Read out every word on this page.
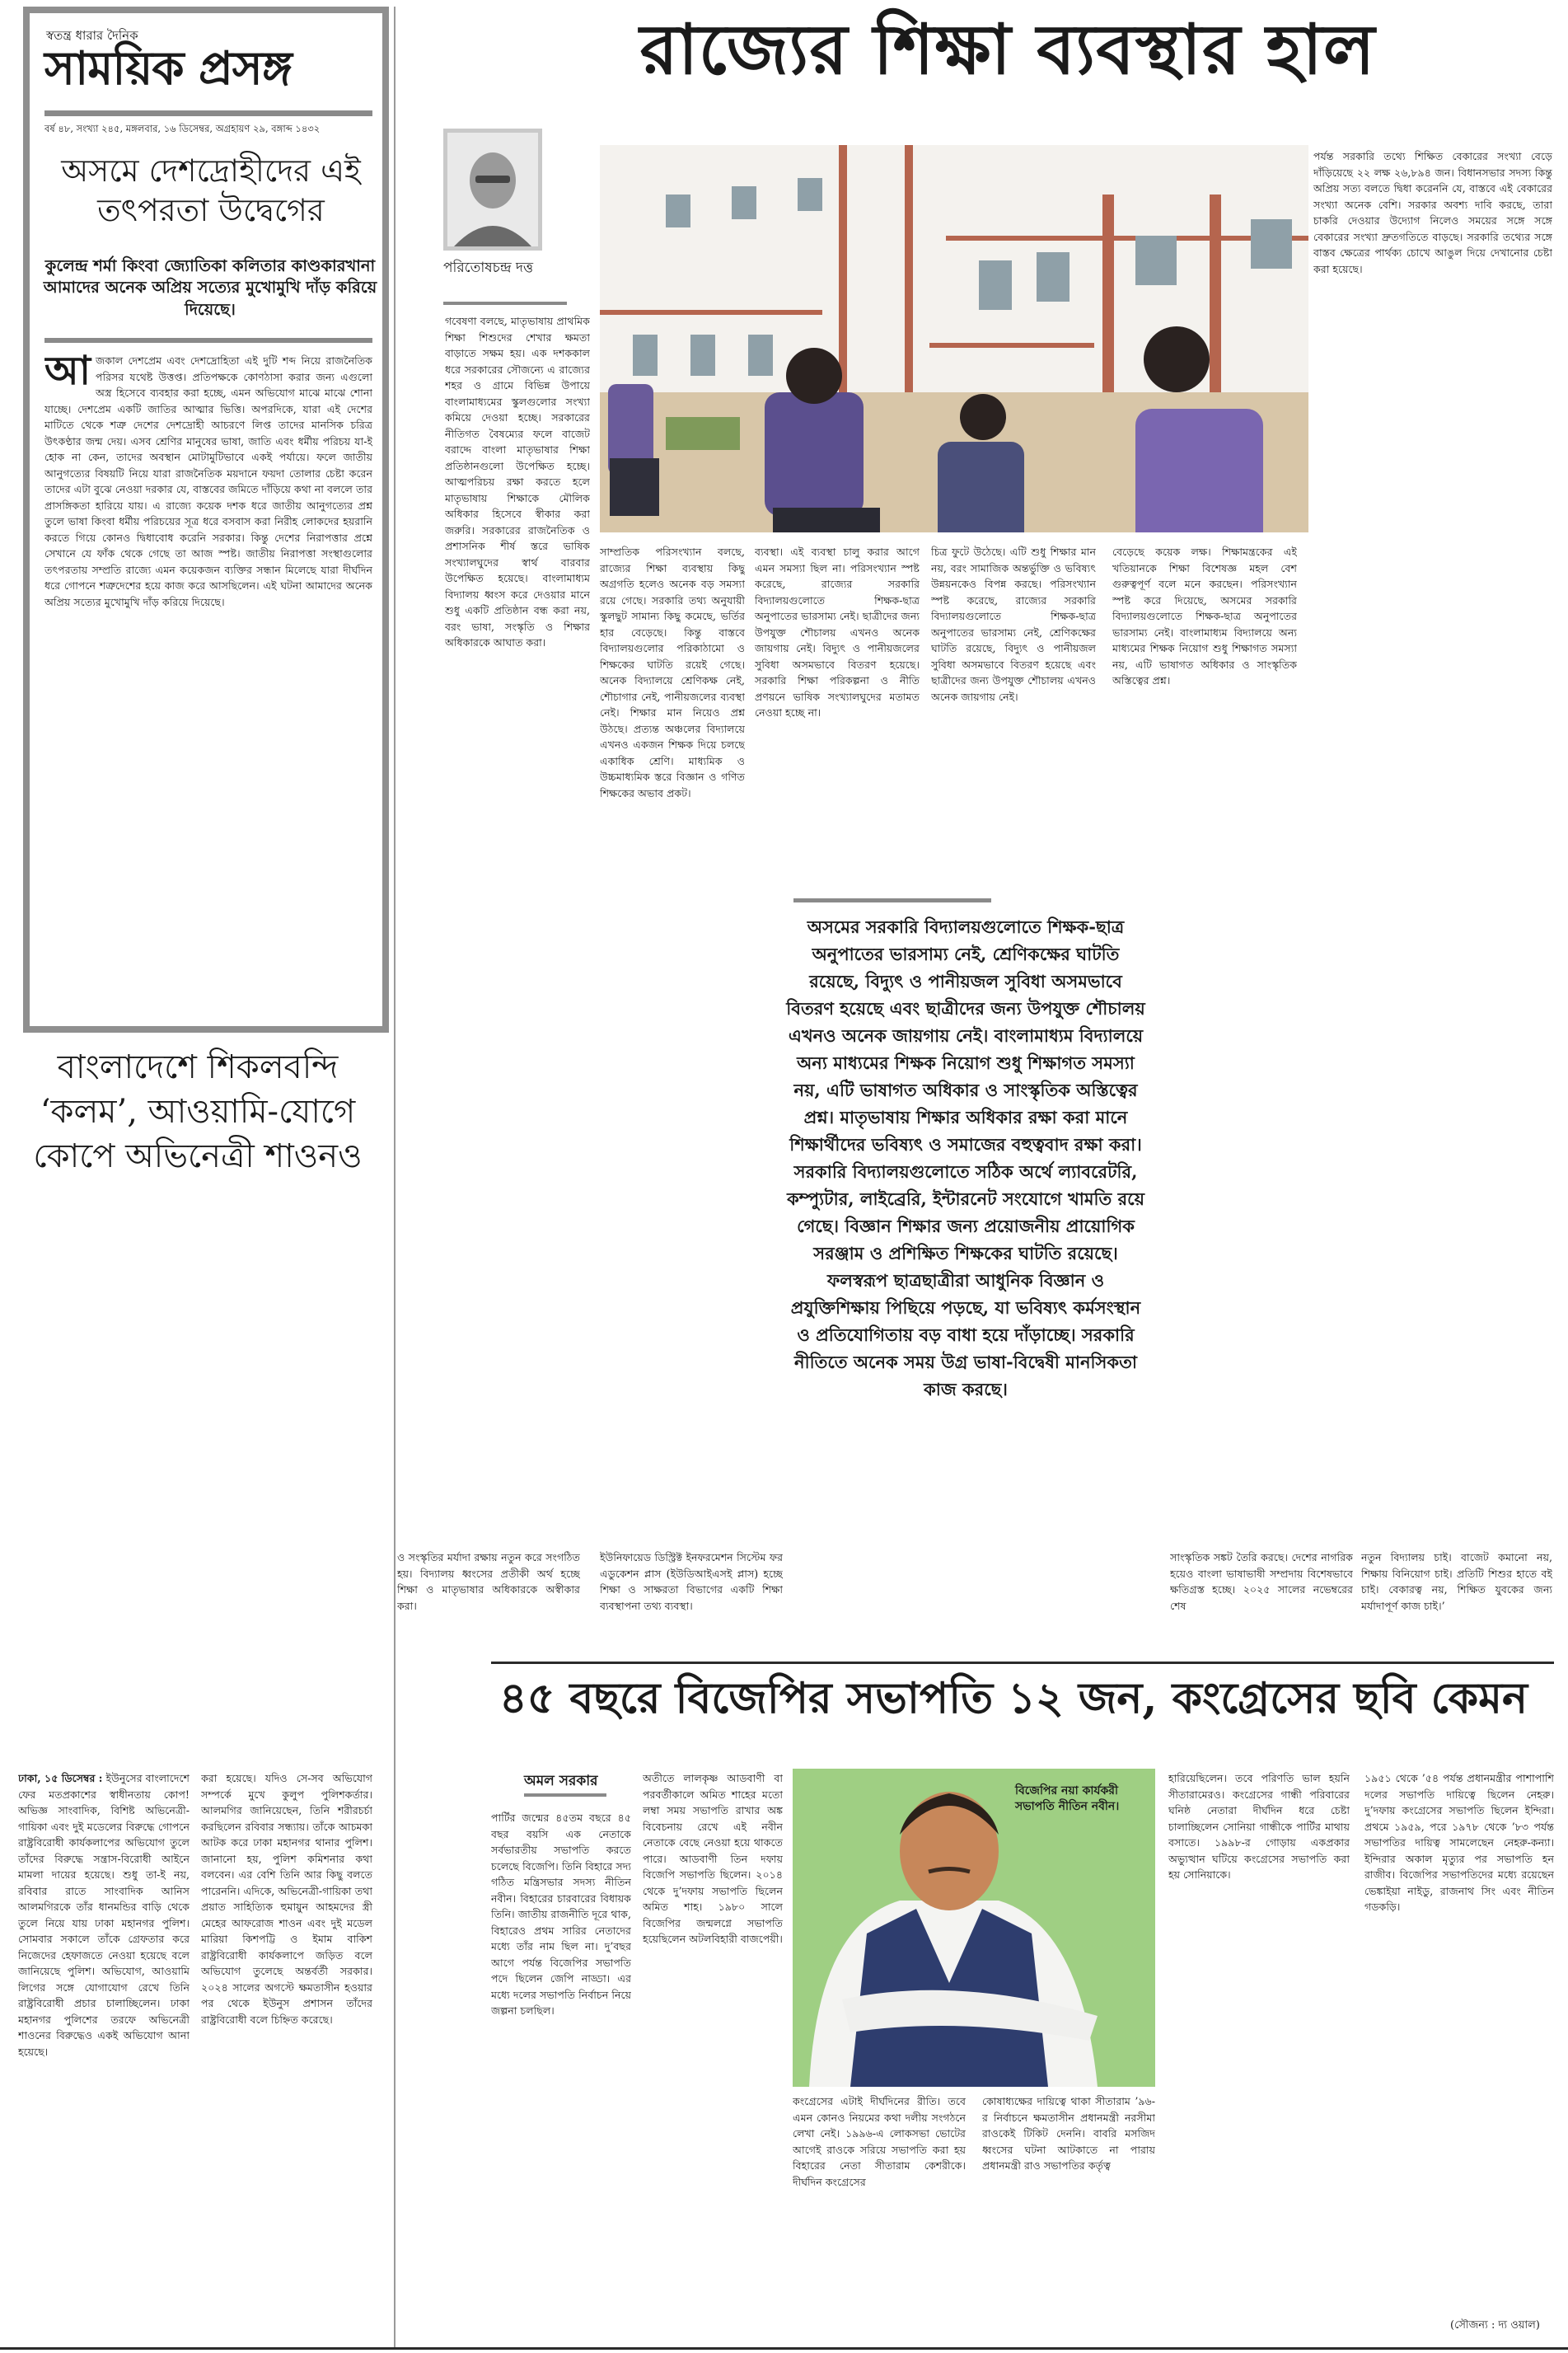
স্বতন্ত্র ধারার দৈনিক
সাময়িক প্রসঙ্গ
বর্ষ ৪৮, সংখ্যা ২৪৫, মঙ্গলবার, ১৬ ডিসেম্বর, অগ্রহায়ণ ২৯, বঙ্গাব্দ ১৪৩২
অসমে দেশদ্রোহীদের এই তৎপরতা উদ্বেগের
কুলেন্দ্র শর্মা কিংবা জ্যোতিকা কলিতার কাণ্ডকারখানা আমাদের অনেক অপ্রিয় সত্যের মুখোমুখি দাঁড় করিয়ে দিয়েছে।
আ জকাল দেশপ্রেম এবং দেশদ্রোহিতা এই দুটি শব্দ নিয়ে রাজনৈতিক পরিসর যথেষ্ট উত্তপ্ত। প্রতিপক্ষকে কোণঠাসা করার জন্য এগুলো অস্ত্র হিসেবে ব্যবহার করা হচ্ছে, এমন অভিযোগ মাঝে মাঝে শোনা যাচ্ছে। দেশপ্রেম একটি জাতির আত্মার ভিত্তি। অপরদিকে, যারা এই দেশের মাটিতে থেকে শত্রু দেশের দেশদ্রোহী আচরণে লিপ্ত তাদের মানসিক চরিত্র উৎকণ্ঠার জন্ম দেয়। এসব শ্রেণির মানুষের ভাষা, জাতি এবং ধর্মীয় পরিচয় যা-ই হোক না কেন, তাদের অবস্থান মোটামুটিভাবে একই পর্যায়ে। ফলে জাতীয় আনুগত্যের বিষয়টি নিয়ে যারা রাজনৈতিক ময়দানে ফয়দা তোলার চেষ্টা করেন তাদের এটা বুঝে নেওয়া দরকার যে, বাস্তবের জমিতে দাঁড়িয়ে কথা না বললে তার প্রাসঙ্গিকতা হারিয়ে যায়। এ রাজ্যে কয়েক দশক ধরে জাতীয় আনুগত্যের প্রশ্ন তুলে ভাষা কিংবা ধর্মীয় পরিচয়ের সূত্র ধরে বসবাস করা নিরীহ লোকদের হয়রানি করতে গিয়ে কোনও দ্বিধাবোধ করেনি সরকার। কিন্তু দেশের নিরাপত্তার প্রশ্নে সেখানে যে ফাঁক থেকে গেছে তা আজ স্পষ্ট। জাতীয় নিরাপত্তা সংস্থাগুলোর তৎপরতায় সম্প্রতি রাজ্যে এমন কয়েকজন ব্যক্তির সন্ধান মিলেছে যারা দীর্ঘদিন ধরে গোপনে শত্রুদেশের হয়ে কাজ করে আসছিলেন। এই ঘটনা আমাদের অনেক অপ্রিয় সত্যের মুখোমুখি দাঁড় করিয়ে দিয়েছে।
বাংলাদেশে শিকলবন্দি ‘কলম’, আওয়ামি-যোগে কোপে অভিনেত্রী শাওনও
ঢাকা, ১৫ ডিসেম্বর : ইউনুসের বাংলাদেশে ফের মতপ্রকাশের স্বাধীনতায় কোপ! অভিজ্ঞ সাংবাদিক, বিশিষ্ট অভিনেত্রী-গায়িকা এবং দুই মডেলের বিরুদ্ধে গোপনে রাষ্ট্রবিরোধী কার্যকলাপের অভিযোগ তুলে তাঁদের বিরুদ্ধে সন্ত্রাস-বিরোধী আইনে মামলা দায়ের হয়েছে। শুধু তা-ই নয়, রবিবার রাতে সাংবাদিক আনিস আলমগিরকে তাঁর ধানমন্ডির বাড়ি থেকে তুলে নিয়ে যায় ঢাকা মহানগর পুলিশ। সোমবার সকালে তাঁকে গ্রেফতার করে নিজেদের হেফাজতে নেওয়া হয়েছে বলে জানিয়েছে পুলিশ। অভিযোগ, আওয়ামি লিগের সঙ্গে যোগাযোগ রেখে তিনি রাষ্ট্রবিরোধী প্রচার চালাচ্ছিলেন। ঢাকা মহানগর পুলিশের তরফে অভিনেত্রী শাওনের বিরুদ্ধেও একই অভিযোগ আনা হয়েছে।
করা হয়েছে। যদিও সে-সব অভিযোগ সম্পর্কে মুখে কুলুপ পুলিশকর্তার। আলমগির জানিয়েছেন, তিনি শরীরচর্চা করছিলেন রবিবার সন্ধ্যায়। তাঁকে আচমকা আটক করে ঢাকা মহানগর থানার পুলিশ। জানানো হয়, পুলিশ কমিশনার কথা বলবেন। এর বেশি তিনি আর কিছু বলতে পারেননি। এদিকে, অভিনেত্রী-গায়িকা তথা প্রয়াত সাহিত্যিক হুমায়ুন আহমদের স্ত্রী মেহের আফরোজ শাওন এবং দুই মডেল মারিয়া কিশপট্টি ও ইমাম বাকিশ রাষ্ট্রবিরোধী কার্যকলাপে জড়িত বলে অভিযোগ তুলেছে অন্তর্বর্তী সরকার। ২০২৪ সালের অগস্টে ক্ষমতাসীন হওয়ার পর থেকে ইউনুস প্রশাসন তাঁদের রাষ্ট্রবিরোধী বলে চিহ্নিত করেছে।
রাজ্যের শিক্ষা ব্যবস্থার হাল
পরিতোষচন্দ্র দত্ত
গবেষণা বলছে, মাতৃভাষায় প্রাথমিক শিক্ষা শিশুদের শেখার ক্ষমতা বাড়াতে সক্ষম হয়। এক দশককাল ধরে সরকারের সৌজন্যে এ রাজ্যের শহর ও গ্রামে বিভিন্ন উপায়ে বাংলামাধ্যমের স্কুলগুলোর সংখ্যা কমিয়ে দেওয়া হচ্ছে। সরকারের নীতিগত বৈষম্যের ফলে বাজেট বরাদ্দে বাংলা মাতৃভাষার শিক্ষা প্রতিষ্ঠানগুলো উপেক্ষিত হচ্ছে। আত্মপরিচয় রক্ষা করতে হলে মাতৃভাষায় শিক্ষাকে মৌলিক অধিকার হিসেবে স্বীকার করা জরুরি। সরকারের রাজনৈতিক ও প্রশাসনিক শীর্ষ স্তরে ভাষিক সংখ্যালঘুদের স্বার্থ বারবার উপেক্ষিত হয়েছে। বাংলামাধ্যম বিদ্যালয় ধ্বংস করে দেওয়ার মানে শুধু একটি প্রতিষ্ঠান বন্ধ করা নয়, বরং ভাষা, সংস্কৃতি ও শিক্ষার অধিকারকে আঘাত করা।
সাম্প্রতিক পরিসংখ্যান বলছে, রাজ্যের শিক্ষা ব্যবস্থায় কিছু অগ্রগতি হলেও অনেক বড় সমস্যা রয়ে গেছে। সরকারি তথ্য অনুযায়ী স্কুলছুট সামান্য কিছু কমেছে, ভর্তির হার বেড়েছে। কিন্তু বাস্তবে বিদ্যালয়গুলোর পরিকাঠামো ও শিক্ষকের ঘাটতি রয়েই গেছে। অনেক বিদ্যালয়ে শ্রেণিকক্ষ নেই, শৌচাগার নেই, পানীয়জলের ব্যবস্থা নেই। শিক্ষার মান নিয়েও প্রশ্ন উঠছে। প্রত্যন্ত অঞ্চলের বিদ্যালয়ে এখনও একজন শিক্ষক দিয়ে চলছে একাধিক শ্রেণি। মাধ্যমিক ও উচ্চমাধ্যমিক স্তরে বিজ্ঞান ও গণিত শিক্ষকের অভাব প্রকট।
ব্যবস্থা। এই ব্যবস্থা চালু করার আগে এমন সমস্যা ছিল না। পরিসংখ্যান স্পষ্ট করেছে, রাজ্যের সরকারি বিদ্যালয়গুলোতে শিক্ষক-ছাত্র অনুপাতের ভারসাম্য নেই। ছাত্রীদের জন্য উপযুক্ত শৌচালয় এখনও অনেক জায়গায় নেই। বিদ্যুৎ ও পানীয়জলের সুবিধা অসমভাবে বিতরণ হয়েছে। সরকারি শিক্ষা পরিকল্পনা ও নীতি প্রণয়নে ভাষিক সংখ্যালঘুদের মতামত নেওয়া হচ্ছে না।
চিত্র ফুটে উঠেছে। এটি শুধু শিক্ষার মান নয়, বরং সামাজিক অন্তর্ভুক্তি ও ভবিষ্যৎ উন্নয়নকেও বিপন্ন করছে। পরিসংখ্যান স্পষ্ট করেছে, রাজ্যের সরকারি বিদ্যালয়গুলোতে শিক্ষক-ছাত্র অনুপাতের ভারসাম্য নেই, শ্রেণিকক্ষের ঘাটতি রয়েছে, বিদ্যুৎ ও পানীয়জল সুবিধা অসমভাবে বিতরণ হয়েছে এবং ছাত্রীদের জন্য উপযুক্ত শৌচালয় এখনও অনেক জায়গায় নেই।
বেড়েছে কয়েক লক্ষ। শিক্ষামন্ত্রকের এই খতিয়ানকে শিক্ষা বিশেষজ্ঞ মহল বেশ গুরুত্বপূর্ণ বলে মনে করছেন। পরিসংখ্যান স্পষ্ট করে দিয়েছে, অসমের সরকারি বিদ্যালয়গুলোতে শিক্ষক-ছাত্র অনুপাতের ভারসাম্য নেই। বাংলামাধ্যম বিদ্যালয়ে অন্য মাধ্যমের শিক্ষক নিয়োগ শুধু শিক্ষাগত সমস্যা নয়, এটি ভাষাগত অধিকার ও সাংস্কৃতিক অস্তিত্বের প্রশ্ন।
পর্যন্ত সরকারি তথ্যে শিক্ষিত বেকারের সংখ্যা বেড়ে দাঁড়িয়েছে ২২ লক্ষ ২৬,৮৯৪ জন। বিধানসভার সদস্য কিন্তু অপ্রিয় সত্য বলতে দ্বিধা করেননি যে, বাস্তবে এই বেকারের সংখ্যা অনেক বেশি। সরকার অবশ্য দাবি করছে, তারা চাকরি দেওয়ার উদ্যোগ নিলেও সময়ের সঙ্গে সঙ্গে বেকারের সংখ্যা দ্রুতগতিতে বাড়ছে। সরকারি তথ্যের সঙ্গে বাস্তব ক্ষেত্রের পার্থক্য চোখে আঙুল দিয়ে দেখানোর চেষ্টা করা হয়েছে।
অসমের সরকারি বিদ্যালয়গুলোতে শিক্ষক-ছাত্র অনুপাতের ভারসাম্য নেই, শ্রেণিকক্ষের ঘাটতি রয়েছে, বিদ্যুৎ ও পানীয়জল সুবিধা অসমভাবে বিতরণ হয়েছে এবং ছাত্রীদের জন্য উপযুক্ত শৌচালয় এখনও অনেক জায়গায় নেই। বাংলামাধ্যম বিদ্যালয়ে অন্য মাধ্যমের শিক্ষক নিয়োগ শুধু শিক্ষাগত সমস্যা নয়, এটি ভাষাগত অধিকার ও সাংস্কৃতিক অস্তিত্বের প্রশ্ন। মাতৃভাষায় শিক্ষার অধিকার রক্ষা করা মানে শিক্ষার্থীদের ভবিষ্যৎ ও সমাজের বহুত্ববাদ রক্ষা করা। সরকারি বিদ্যালয়গুলোতে সঠিক অর্থে ল্যাবরেটরি, কম্প্যুটার, লাইব্রেরি, ইন্টারনেট সংযোগে খামতি রয়ে গেছে। বিজ্ঞান শিক্ষার জন্য প্রয়োজনীয় প্রায়োগিক সরঞ্জাম ও প্রশিক্ষিত শিক্ষকের ঘাটতি রয়েছে। ফলস্বরূপ ছাত্রছাত্রীরা আধুনিক বিজ্ঞান ও প্রযুক্তিশিক্ষায় পিছিয়ে পড়ছে, যা ভবিষ্যৎ কর্মসংস্থান ও প্রতিযোগিতায় বড় বাধা হয়ে দাঁড়াচ্ছে। সরকারি নীতিতে অনেক সময় উগ্র ভাষা-বিদ্বেষী মানসিকতা কাজ করছে।
ও সংস্কৃতির মর্যাদা রক্ষায় নতুন করে সংগঠিত হয়। বিদ্যালয় ধ্বংসের প্রতীকী অর্থ হচ্ছে শিক্ষা ও মাতৃভাষার অধিকারকে অস্বীকার করা।
ইউনিফায়েড ডিস্ট্রিক্ট ইনফরমেশন সিস্টেম ফর এডুকেশন প্লাস (ইউডিআইএসই প্লাস) হচ্ছে শিক্ষা ও সাক্ষরতা বিভাগের একটি শিক্ষা ব্যবস্থাপনা তথ্য ব্যবস্থা।
সাংস্কৃতিক সঙ্কট তৈরি করছে। দেশের নাগরিক হয়েও বাংলা ভাষাভাষী সম্প্রদায় বিশেষভাবে ক্ষতিগ্রস্ত হচ্ছে। ২০২৫ সালের নভেম্বরের শেষ
নতুন বিদ্যালয় চাই। বাজেট কমানো নয়, শিক্ষায় বিনিয়োগ চাই। প্রতিটি শিশুর হাতে বই চাই। বেকারত্ব নয়, শিক্ষিত যুবকের জন্য মর্যাদাপূর্ণ কাজ চাই।’
৪৫ বছরে বিজেপির সভাপতি ১২ জন, কংগ্রেসের ছবি কেমন
অমল সরকার
পার্টির জন্মের ৪৫তম বছরে ৪৫ বছর বয়সি এক নেতাকে সর্বভারতীয় সভাপতি করতে চলেছে বিজেপি। তিনি বিহারে সদ্য গঠিত মন্ত্রিসভার সদস্য নীতিন নবীন। বিহারের চারবারের বিধায়ক তিনি। জাতীয় রাজনীতি দূরে থাক, বিহারেও প্রথম সারির নেতাদের মধ্যে তাঁর নাম ছিল না। দু’বছর আগে পর্যন্ত বিজেপির সভাপতি পদে ছিলেন জেপি নাড্ডা। এর মধ্যে দলের সভাপতি নির্বাচন নিয়ে জল্পনা চলছিল।
অতীতে লালকৃষ্ণ আডবাণী বা পরবর্তীকালে অমিত শাহের মতো লম্বা সময় সভাপতি রাখার অঙ্ক বিবেচনায় রেখে এই নবীন নেতাকে বেছে নেওয়া হয়ে থাকতে পারে। আডবাণী তিন দফায় বিজেপি সভাপতি ছিলেন। ২০১৪ থেকে দু’দফায় সভাপতি ছিলেন অমিত শাহ। ১৯৮০ সালে বিজেপির জন্মলগ্নে সভাপতি হয়েছিলেন অটলবিহারী বাজপেয়ী।
বিজেপির নয়া কার্যকরী সভাপতি নীতিন নবীন।
কংগ্রেসের এটাই দীর্ঘদিনের রীতি। তবে এমন কোনও নিয়মের কথা দলীয় সংগঠনে লেখা নেই। ১৯৯৬-এ লোকসভা ভোটের আগেই রাওকে সরিয়ে সভাপতি করা হয় বিহারের নেতা সীতারাম কেশরীকে। দীর্ঘদিন কংগ্রেসের
কোষাধ্যক্ষের দায়িত্বে থাকা সীতারাম ’৯৬-র নির্বাচনে ক্ষমতাসীন প্রধানমন্ত্রী নরসীমা রাওকেই টিকিট দেননি। বাবরি মসজিদ ধ্বংসের ঘটনা আটকাতে না পারায় প্রধানমন্ত্রী রাও সভাপতির কর্তৃত্ব
হারিয়েছিলেন। তবে পরিণতি ভাল হয়নি সীতারামেরও। কংগ্রেসের গান্ধী পরিবারের ঘনিষ্ঠ নেতারা দীর্ঘদিন ধরে চেষ্টা চালাচ্ছিলেন সোনিয়া গান্ধীকে পার্টির মাথায় বসাতে। ১৯৯৮-র গোড়ায় একপ্রকার অভ্যুত্থান ঘটিয়ে কংগ্রেসের সভাপতি করা হয় সোনিয়াকে।
১৯৫১ থেকে ’৫৪ পর্যন্ত প্রধানমন্ত্রীর পাশাপাশি দলের সভাপতি দায়িত্বে ছিলেন নেহরু। দু’দফায় কংগ্রেসের সভাপতি ছিলেন ইন্দিরা। প্রথমে ১৯৫৯, পরে ১৯৭৮ থেকে ’৮৩ পর্যন্ত সভাপতির দায়িত্ব সামলেছেন নেহরু-কন্যা। ইন্দিরার অকাল মৃত্যুর পর সভাপতি হন রাজীব। বিজেপির সভাপতিদের মধ্যে রয়েছেন ভেঙ্কাইয়া নাইডু, রাজনাথ সিং এবং নীতিন গডকড়ি।
(সৌজন্য : দ্য ওয়াল)
